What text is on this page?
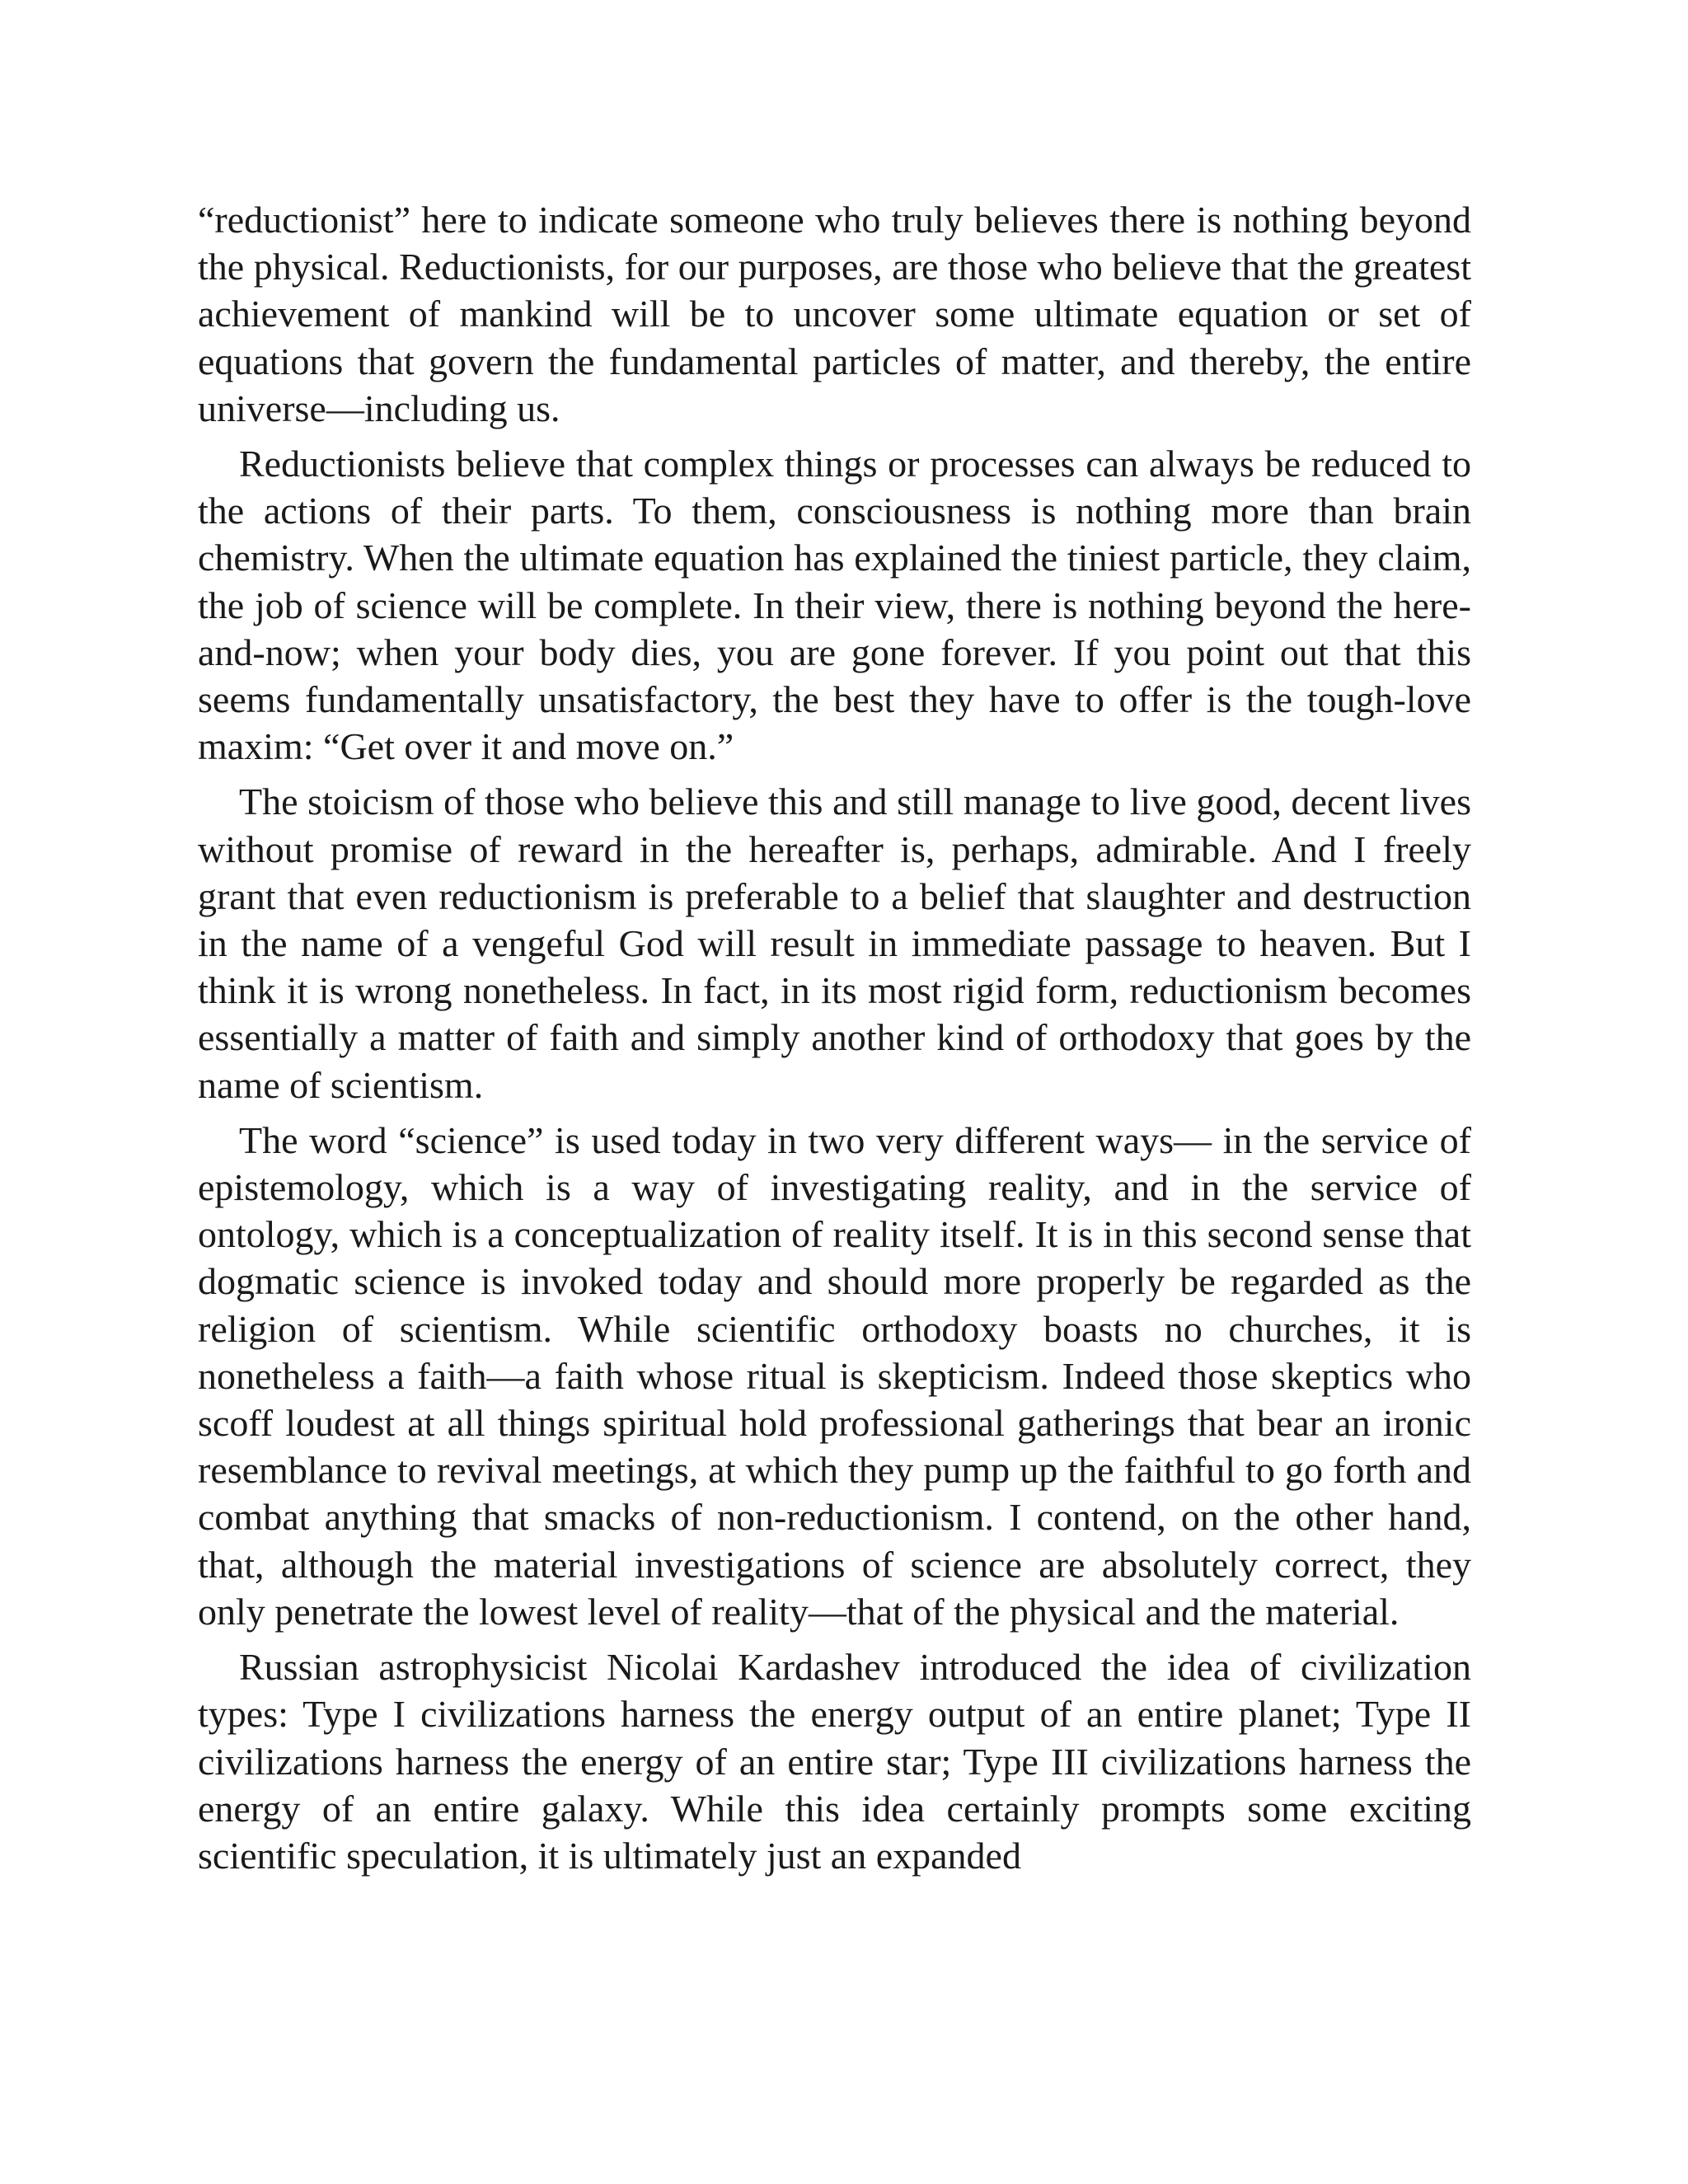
“reductionist” here to indicate someone who truly believes there is nothing beyond the physical. Reductionists, for our purposes, are those who believe that the greatest achievement of mankind will be to uncover some ultimate equation or set of equations that govern the fundamental particles of matter, and thereby, the entire universe—including us.

Reductionists believe that complex things or processes can always be reduced to the actions of their parts. To them, consciousness is nothing more than brain chemistry. When the ultimate equation has explained the tiniest particle, they claim, the job of science will be complete. In their view, there is nothing beyond the here-and-now; when your body dies, you are gone forever. If you point out that this seems fundamentally unsatisfactory, the best they have to offer is the tough-love maxim: “Get over it and move on.”

The stoicism of those who believe this and still manage to live good, decent lives without promise of reward in the hereafter is, perhaps, admirable. And I freely grant that even reductionism is preferable to a belief that slaughter and destruction in the name of a vengeful God will result in immediate passage to heaven. But I think it is wrong nonetheless. In fact, in its most rigid form, reductionism becomes essentially a matter of faith and simply another kind of orthodoxy that goes by the name of scientism.

The word “science” is used today in two very different ways— in the service of epistemology, which is a way of investigating reality, and in the service of ontology, which is a conceptualization of reality itself. It is in this second sense that dogmatic science is invoked today and should more properly be regarded as the religion of scientism. While scientific orthodoxy boasts no churches, it is nonetheless a faith—a faith whose ritual is skepticism. Indeed those skeptics who scoff loudest at all things spiritual hold professional gatherings that bear an ironic resemblance to revival meetings, at which they pump up the faithful to go forth and combat anything that smacks of non-reductionism. I contend, on the other hand, that, although the material investigations of science are absolutely correct, they only penetrate the lowest level of reality—that of the physical and the material.

Russian astrophysicist Nicolai Kardashev introduced the idea of civilization types: Type I civilizations harness the energy output of an entire planet; Type II civilizations harness the energy of an entire star; Type III civilizations harness the energy of an entire galaxy. While this idea certainly prompts some exciting scientific speculation, it is ultimately just an expanded
